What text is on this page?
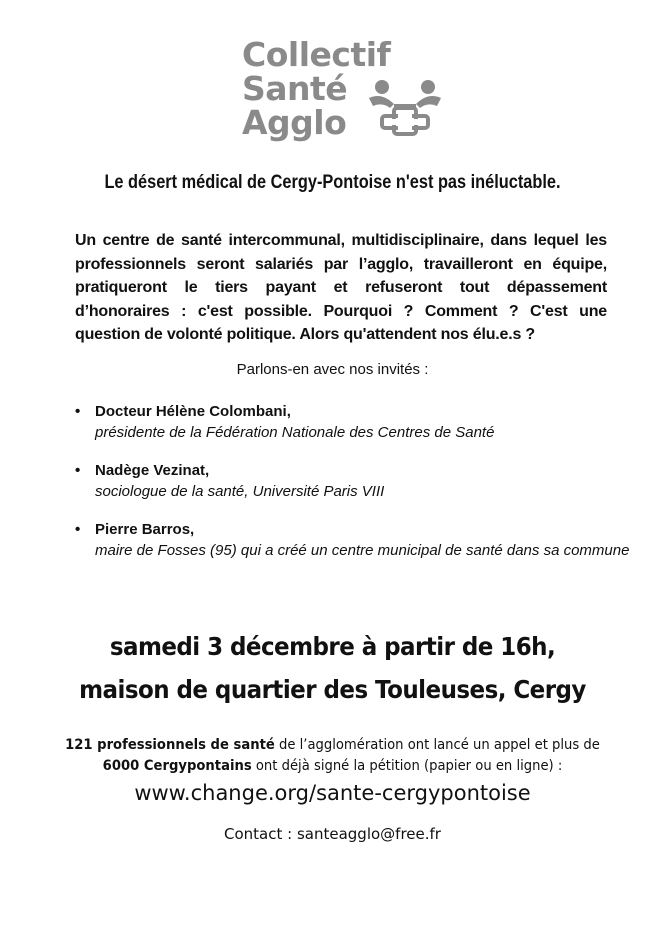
Collectif
Santé
Agglo
Le désert médical de Cergy-Pontoise n'est pas inéluctable.
Un centre de santé intercommunal, multidisciplinaire, dans lequel les professionnels seront salariés par l’agglo, travailleront en équipe, pratiqueront le tiers payant et refuseront tout dépassement d’honoraires : c'est possible. Pourquoi ? Comment ? C'est une question de volonté politique. Alors qu'attendent nos élu.e.s ?
Parlons-en avec nos invités :
• Docteur Hélène Colombani,
présidente de la Fédération Nationale des Centres de Santé
• Nadège Vezinat,
sociologue de la santé, Université Paris VIII
• Pierre Barros,
maire de Fosses (95) qui a créé un centre municipal de santé dans sa commune
samedi 3 décembre à partir de 16h,
maison de quartier des Touleuses, Cergy
121 professionnels de santé de l’agglomération ont lancé un appel et plus de
6000 Cergypontains ont déjà signé la pétition (papier ou en ligne) :
www.change.org/sante-cergypontoise
Contact : santeagglo@free.fr
